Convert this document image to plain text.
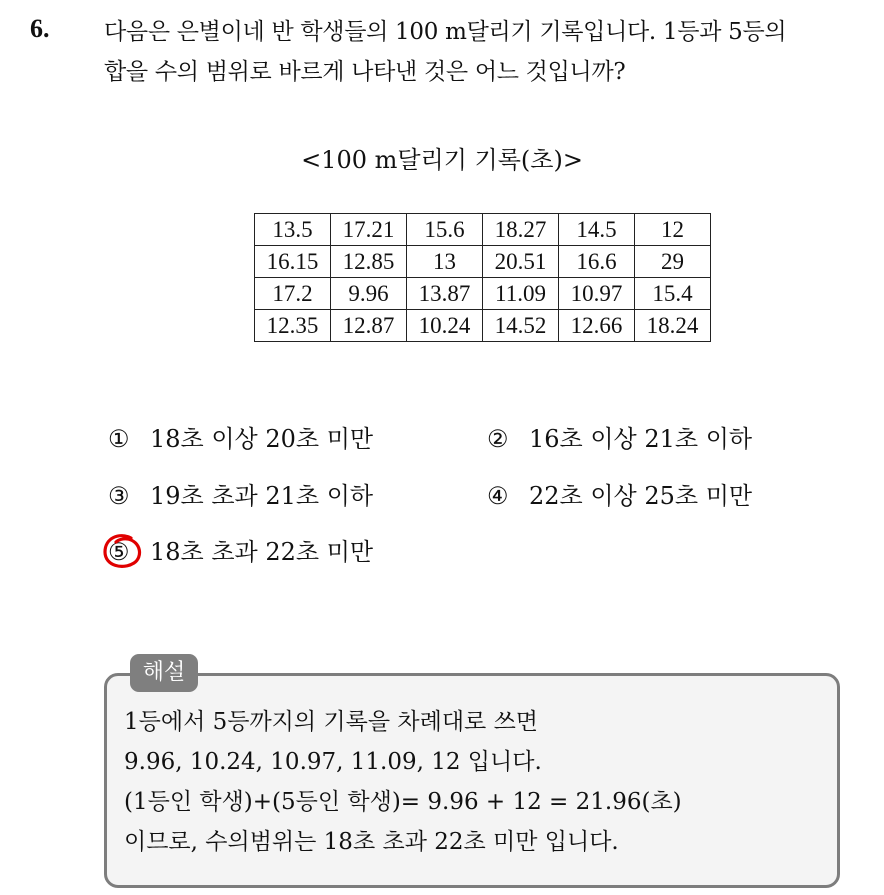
6. 다음은 은별이네 반 학생들의 100 m달리기 기록입니다. 1등과 5등의
합을 수의 범위로 바르게 나타낸 것은 어느 것입니까?
<100 m달리기 기록(초)>
13.5	17.21	15.6	18.27	14.5	12
16.15	12.85	13	20.51	16.6	29
17.2	9.96	13.87	11.09	10.97	15.4
12.35	12.87	10.24	14.52	12.66	18.24
① 18초 이상 20초 미만	② 16초 이상 21초 이하
③ 19초 초과 21초 이하	④ 22초 이상 25초 미만
⑤ 18초 초과 22초 미만
해설
1등에서 5등까지의 기록을 차례대로 쓰면
9.96, 10.24, 10.97, 11.09, 12 입니다.
(1등인 학생)+(5등인 학생)= 9.96 + 12 = 21.96(초)
이므로, 수의범위는 18초 초과 22초 미만 입니다.
